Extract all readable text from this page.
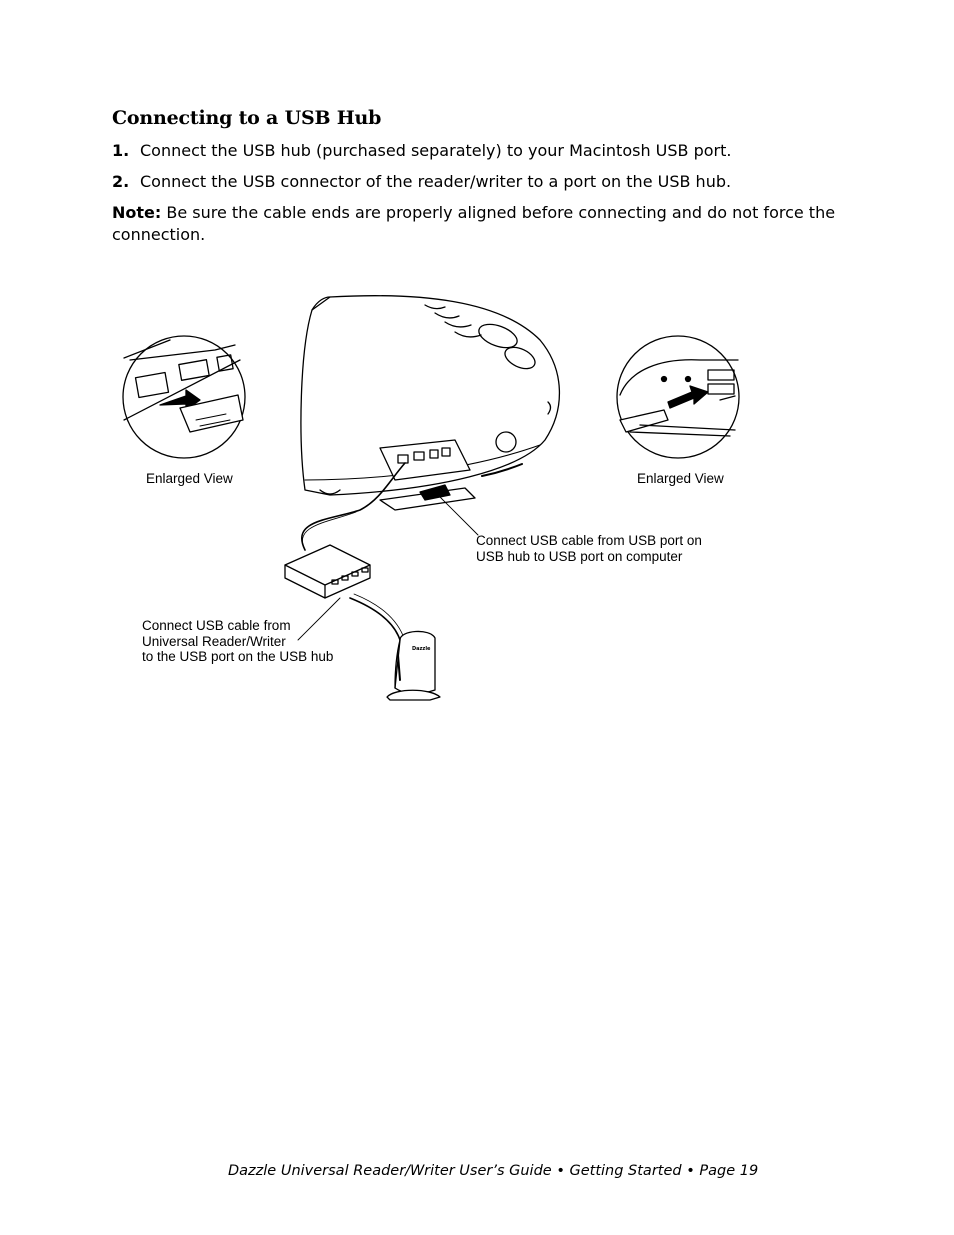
Connecting to a USB Hub
1. Connect the USB hub (purchased separately) to your Macintosh USB port.
2. Connect the USB connector of the reader/writer to a port on the USB hub.
Note: Be sure the cable ends are properly aligned before connecting and do not force the connection.
Dazzle
Enlarged View	Enlarged View
Connect USB cable from USB port on
USB hub to USB port on computer
Connect USB cable from
Universal Reader/Writer
to the USB port on the USB hub
Dazzle Universal Reader/Writer User’s Guide • Getting Started • Page 19
